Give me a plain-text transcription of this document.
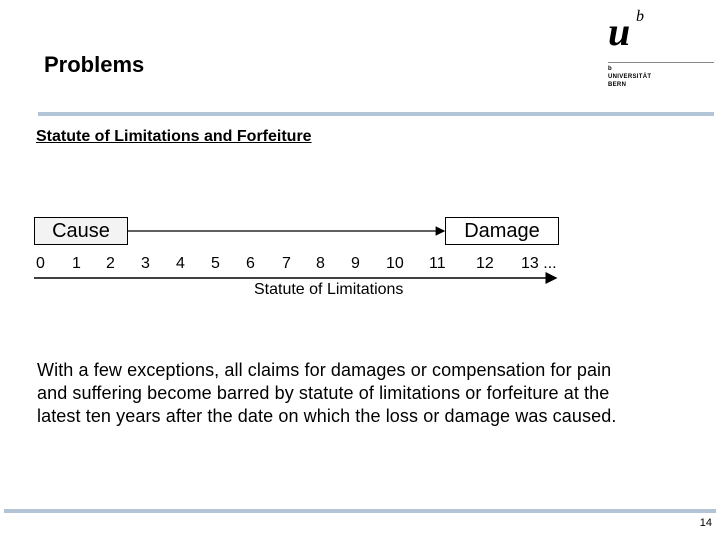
Problems
u b
b
UNIVERSITÄT
BERN
Statute of Limitations and Forfeiture
Cause	Damage
0 1 2 3 4 5 6 7 8 9 10 11 12 13 ...
Statute of Limitations
With a few exceptions, all claims for damages or compensation for pain and suffering become barred by statute of limitations or forfeiture at the latest ten years after the date on which the loss or damage was caused.
14
